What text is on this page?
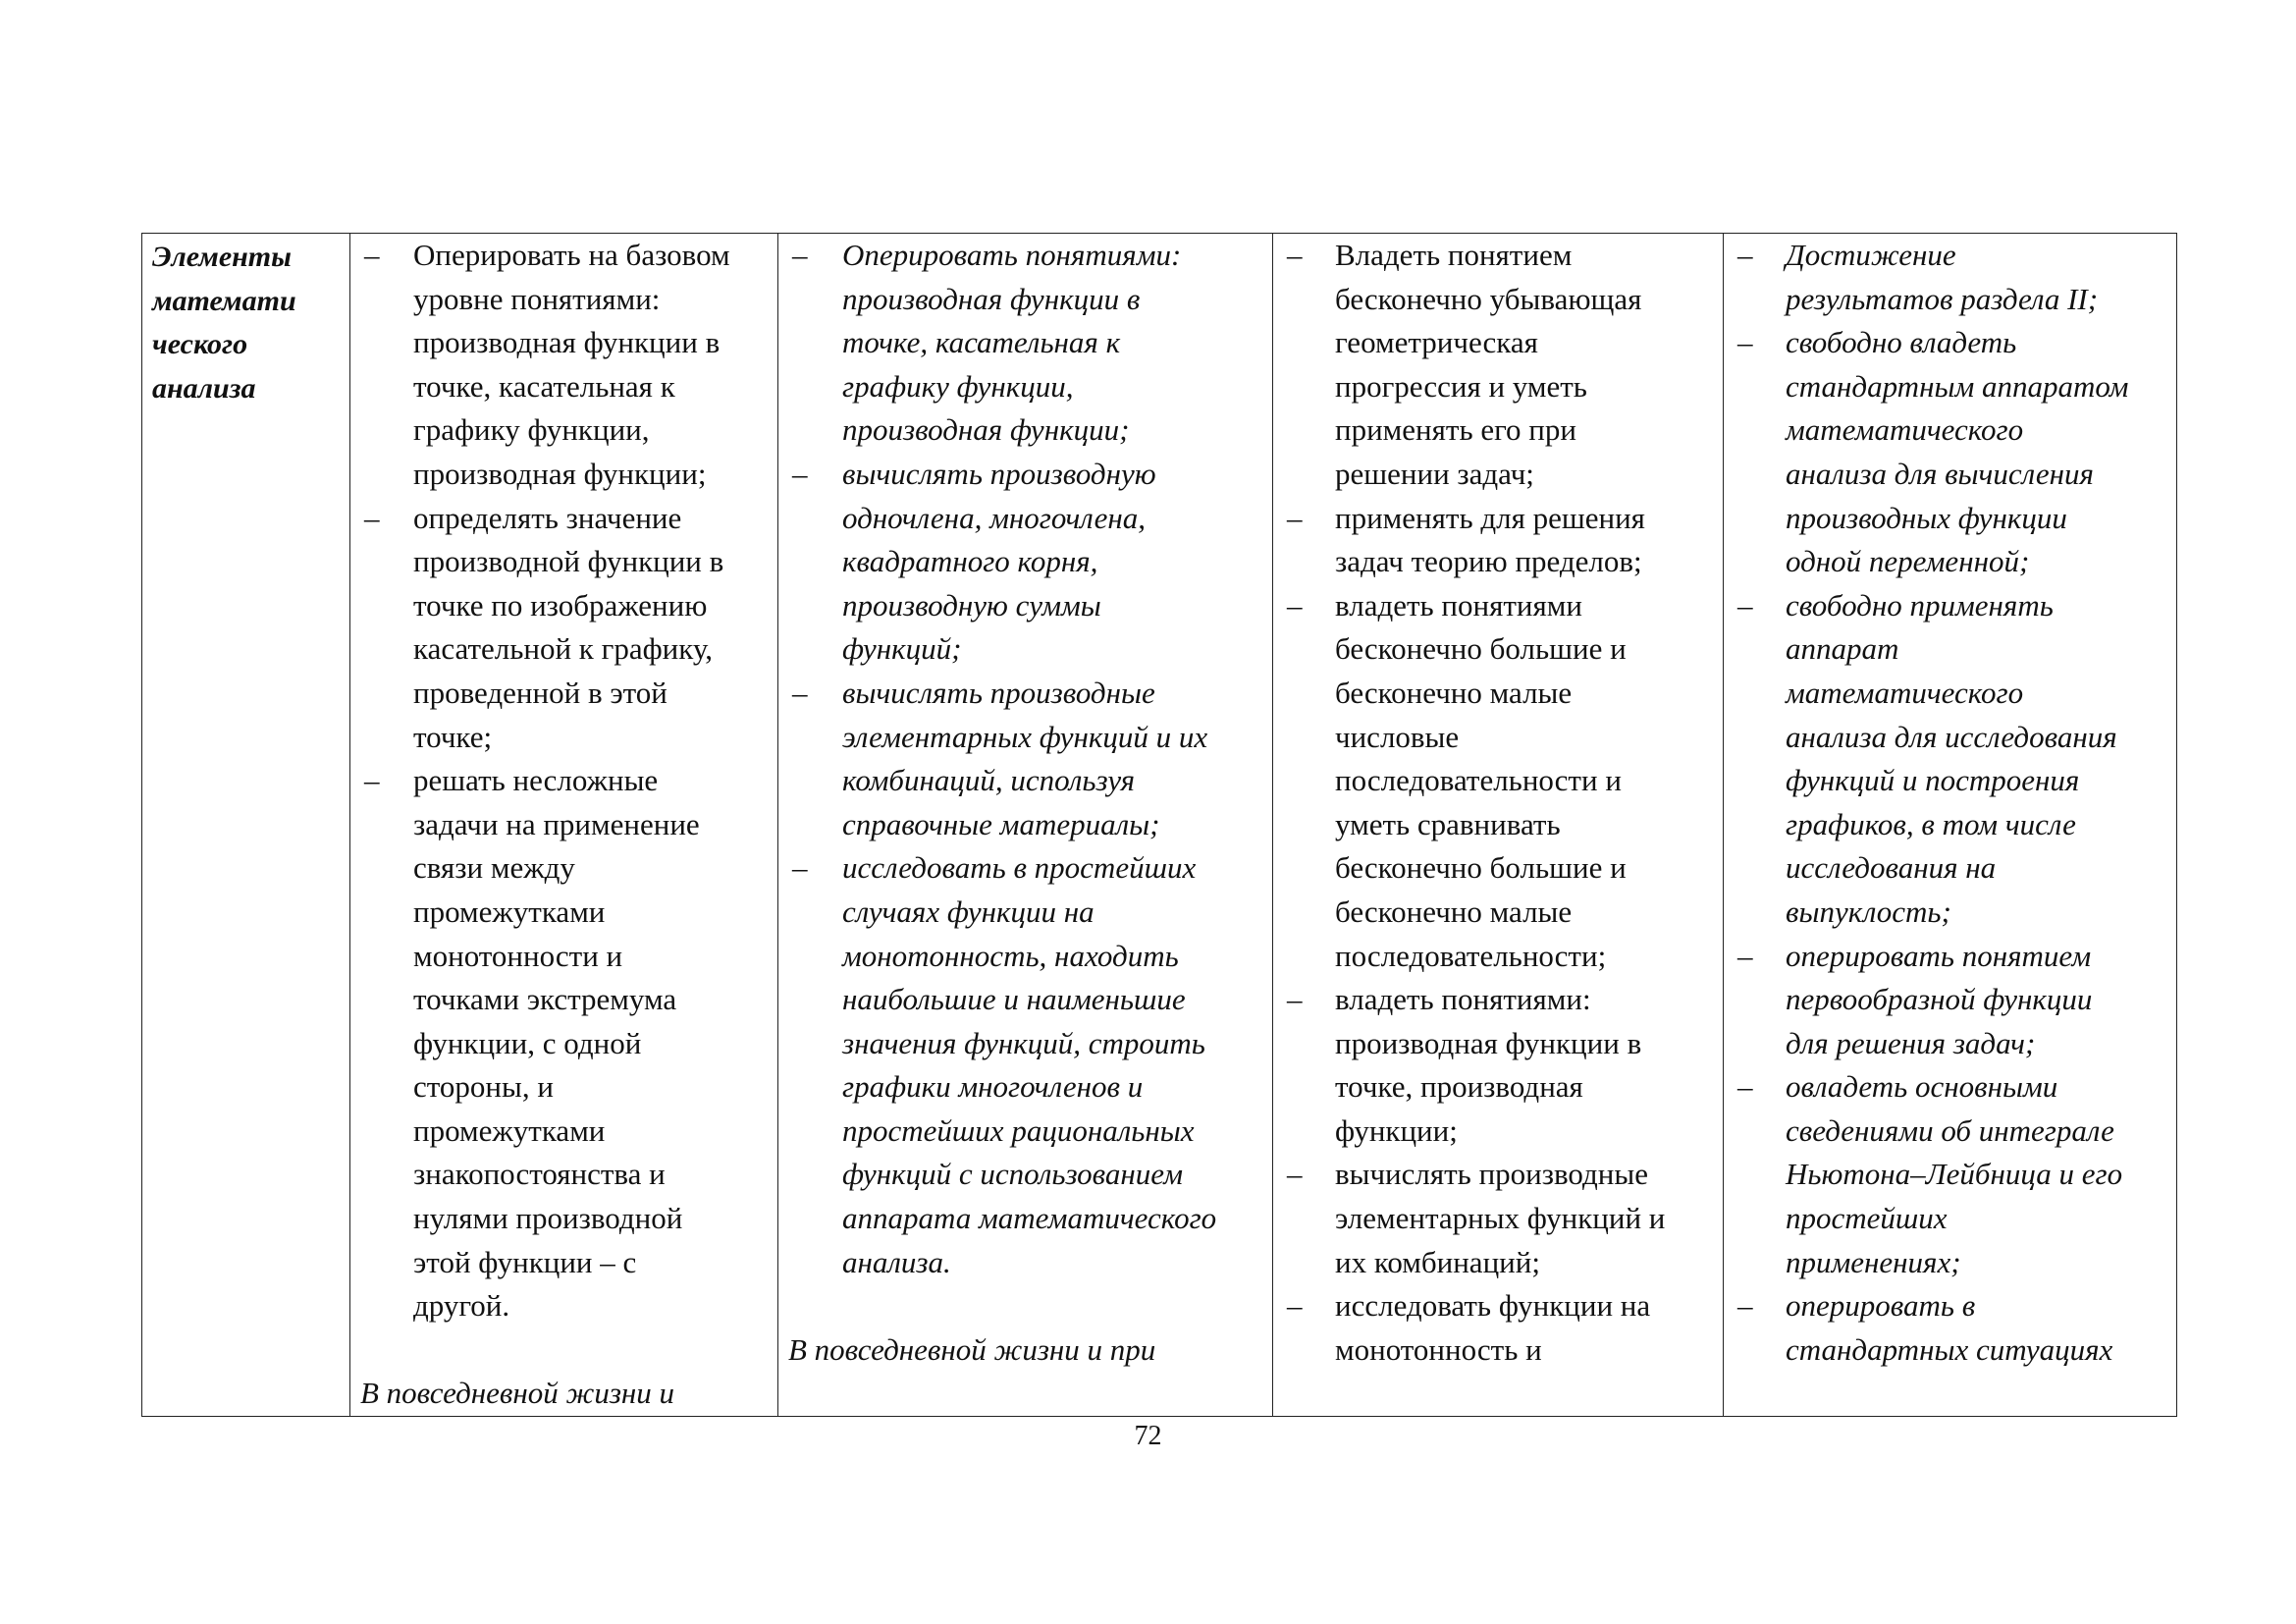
Элементы
математи
ческого
анализа

– Оперировать на базовом
уровне понятиями:
производная функции в
точке, касательная к
графику функции,
производная функции;
– определять значение
производной функции в
точке по изображению
касательной к графику,
проведенной в этой
точке;
– решать несложные
задачи на применение
связи между
промежутками
монотонности и
точками экстремума
функции, с одной
стороны, и
промежутками
знакопостоянства и
нулями производной
этой функции – с
другой.
В повседневной жизни и

– Оперировать понятиями:
производная функции в
точке, касательная к
графику функции,
производная функции;
– вычислять производную
одночлена, многочлена,
квадратного корня,
производную суммы
функций;
– вычислять производные
элементарных функций и их
комбинаций, используя
справочные материалы;
– исследовать в простейших
случаях функции на
монотонность, находить
наибольшие и наименьшие
значения функций, строить
графики многочленов и
простейших рациональных
функций с использованием
аппарата математического
анализа.
В повседневной жизни и при

– Владеть понятием
бесконечно убывающая
геометрическая
прогрессия и уметь
применять его при
решении задач;
– применять для решения
задач теорию пределов;
– владеть понятиями
бесконечно большие и
бесконечно малые
числовые
последовательности и
уметь сравнивать
бесконечно большие и
бесконечно малые
последовательности;
– владеть понятиями:
производная функции в
точке, производная
функции;
– вычислять производные
элементарных функций и
их комбинаций;
– исследовать функции на
монотонность и

– Достижение
результатов раздела II;
– свободно владеть
стандартным аппаратом
математического
анализа для вычисления
производных функции
одной переменной;
– свободно применять
аппарат
математического
анализа для исследования
функций и построения
графиков, в том числе
исследования на
выпуклость;
– оперировать понятием
первообразной функции
для решения задач;
– овладеть основными
сведениями об интеграле
Ньютона–Лейбница и его
простейших
применениях;
– оперировать в
стандартных ситуациях
72
